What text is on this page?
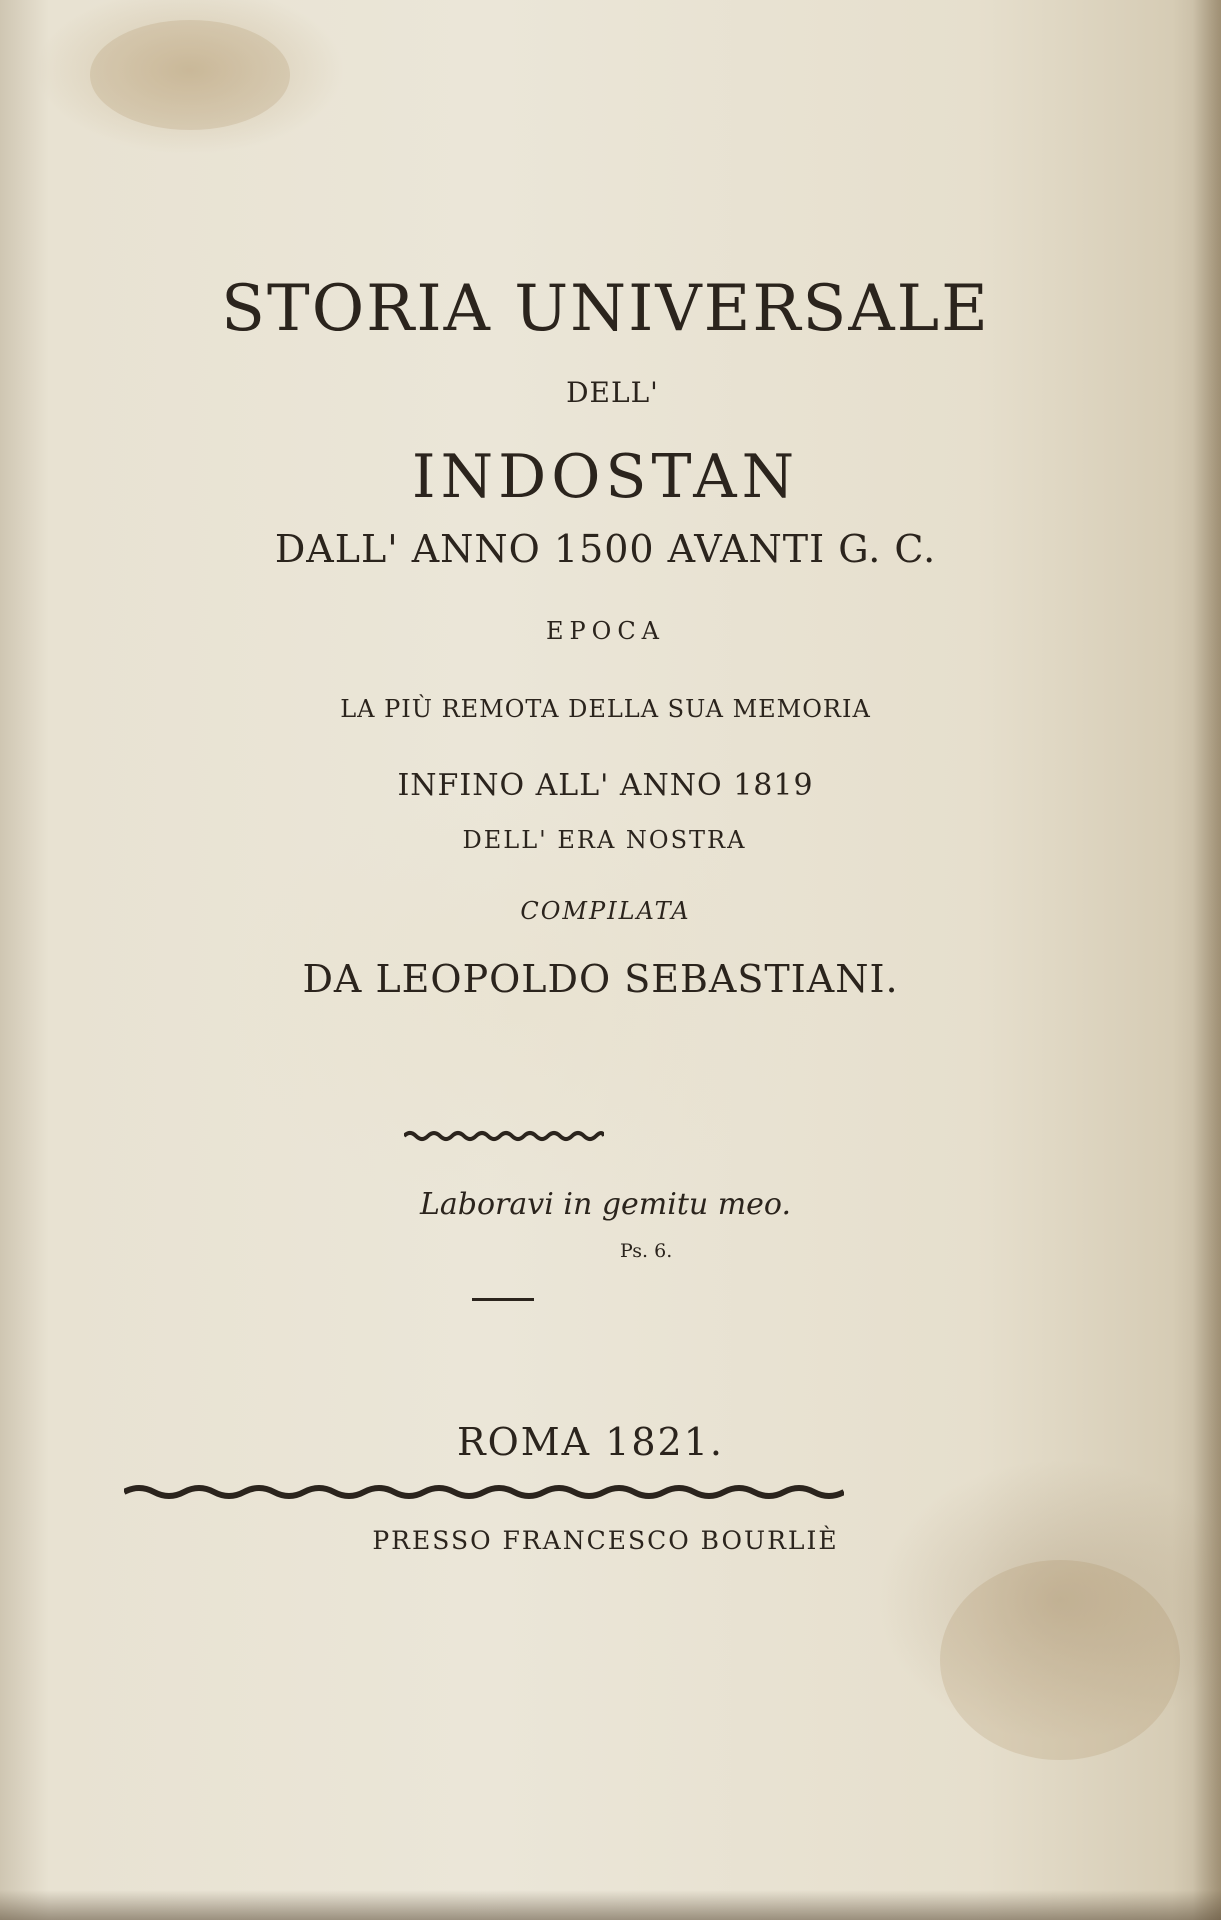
STORIA UNIVERSALE
DELL'
INDOSTAN
DALL' ANNO 1500 AVANTI G. C.
EPOCA
LA PIÙ REMOTA DELLA SUA MEMORIA
INFINO ALL' ANNO 1819
DELL' ERA NOSTRA
COMPILATA
DA LEOPOLDO SEBASTIANI.
Laboravi in gemitu meo.
Ps. 6.
ROMA 1821.
PRESSO FRANCESCO BOURLIÈ
